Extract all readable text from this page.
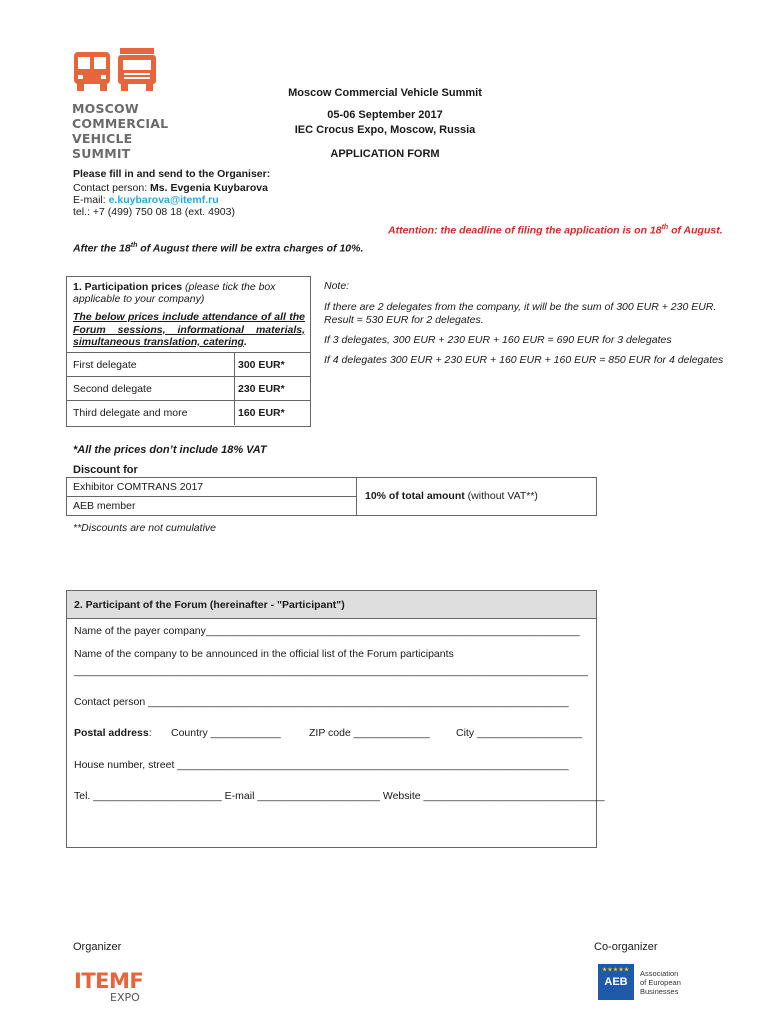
MOSCOW
COMMERCIAL
VEHICLE
SUMMIT
Moscow Commercial Vehicle Summit
05-06 September 2017
IEC Crocus Expo, Moscow, Russia
APPLICATION FORM
Please fill in and send to the Organiser:
Contact person: Ms. Evgenia Kuybarova
E-mail: e.kuybarova@itemf.ru
tel.: +7 (499) 750 08 18 (ext. 4903)
Attention: the deadline of filing the application is on 18th of August.
After the 18th of August there will be extra charges of 10%.
1. Participation prices (please tick the box applicable to your company)
The below prices include attendance of all the Forum sessions, informational materials, simultaneous translation, catering.
First delegate	300 EUR*
Second delegate	230 EUR*
Third delegate and more	160 EUR*
Note:
If there are 2 delegates from the company, it will be the sum of 300 EUR + 230 EUR. Result = 530 EUR for 2 delegates.
If 3 delegates, 300 EUR + 230 EUR + 160 EUR = 690 EUR for 3 delegates
If 4 delegates 300 EUR + 230 EUR + 160 EUR + 160 EUR = 850 EUR for 4 delegates
*All the prices don’t include 18% VAT
Discount for
Exhibitor COMTRANS 2017
AEB member
10% of total amount (without VAT**)
**Discounts are not cumulative
2. Participant of the Forum (hereinafter - "Participant")
Name of the payer company________________________________________________________________
Name of the company to be announced in the official list of the Forum participants
________________________________________________________________________________________
Contact person ________________________________________________________________________
Postal address: Country ____________	ZIP code _____________	City __________________
House number, street ___________________________________________________________________
Tel. ______________________ E-mail _____________________ Website _______________________________
Organizer	Co-organizer
ITEMF
EXPO
AEB
★★★★★	Association
of European
Businesses
